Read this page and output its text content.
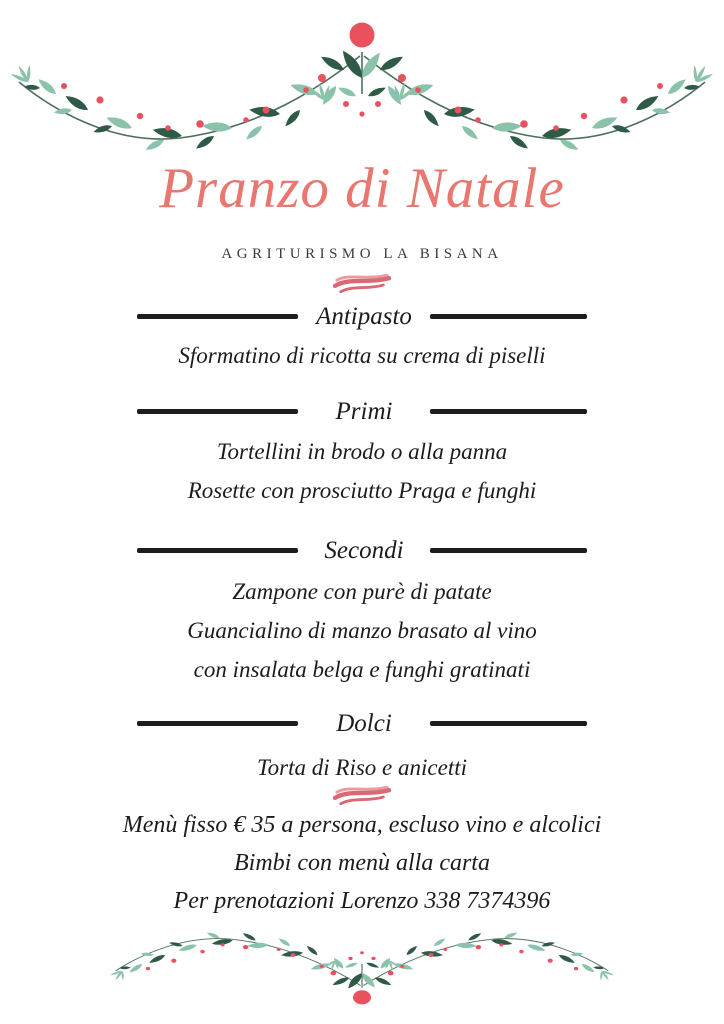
Pranzo di Natale
AGRITURISMO LA BISANA
Antipasto
Sformatino di ricotta su crema di piselli
Primi
Tortellini in brodo o alla panna
Rosette con prosciutto Praga e funghi
Secondi
Zampone con purè di patate
Guancialino di manzo brasato al vino
con insalata belga e funghi gratinati
Dolci
Torta di Riso e anicetti
Menù fisso € 35 a persona, escluso vino e alcolici
Bimbi con menù alla carta
Per prenotazioni Lorenzo 338 7374396
